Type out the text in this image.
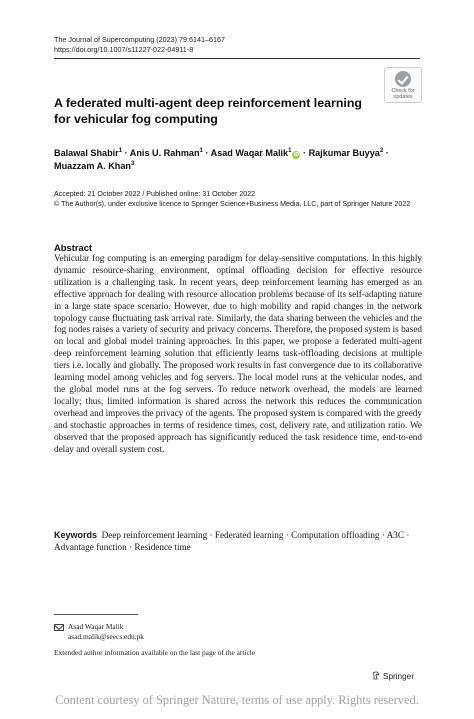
The Journal of Supercomputing (2023) 79:6141–6167
https://doi.org/10.1007/s11227-022-04911-8
Check for
updates
A federated multi-agent deep reinforcement learning for vehicular fog computing
Balawal Shabir$^1$ · Anis U. Rahman$^1$ · Asad Waqar Malik$^1$iD · Rajkumar Buyya$^2$ · Muazzam A. Khan$^3$
Accepted: 21 October 2022 / Published online: 31 October 2022
© The Author(s), under exclusive licence to Springer Science+Business Media, LLC, part of Springer Nature 2022
Abstract
Vehicular fog computing is an emerging paradigm for delay-sensitive computations. In this highly dynamic resource-sharing environment, optimal offloading decision for effective resource utilization is a challenging task. In recent years, deep reinforcement learning has emerged as an effective approach for dealing with resource allocation problems because of its self-adapting nature in a large state space scenario. However, due to high mobility and rapid changes in the network topology cause fluctuating task arrival rate. Similarly, the data sharing between the vehicles and the fog nodes raises a variety of security and privacy concerns. Therefore, the proposed system is based on local and global model training approaches. In this paper, we propose a federated multi-agent deep reinforcement learning solution that efficiently learns task-offloading decisions at multiple tiers i.e. locally and globally. The proposed work results in fast convergence due to its collaborative learning model among vehicles and fog servers. The local model runs at the vehicular nodes, and the global model runs at the fog servers. To reduce network overhead, the models are learned locally; thus, limited information is shared across the network this reduces the communication overhead and improves the privacy of the agents. The proposed system is compared with the greedy and stochastic approaches in terms of residence times, cost, delivery rate, and utilization ratio. We observed that the proposed approach has significantly reduced the task residence time, end-to-end delay and overall system cost.
Keywords Deep reinforcement learning · Federated learning · Computation offloading · A3C · Advantage function · Residence time
Asad Waqar Malik
asad.malik@seecs.edu.pk
Extended author information available on the last page of the article
Springer
Content courtesy of Springer Nature, terms of use apply. Rights reserved.
